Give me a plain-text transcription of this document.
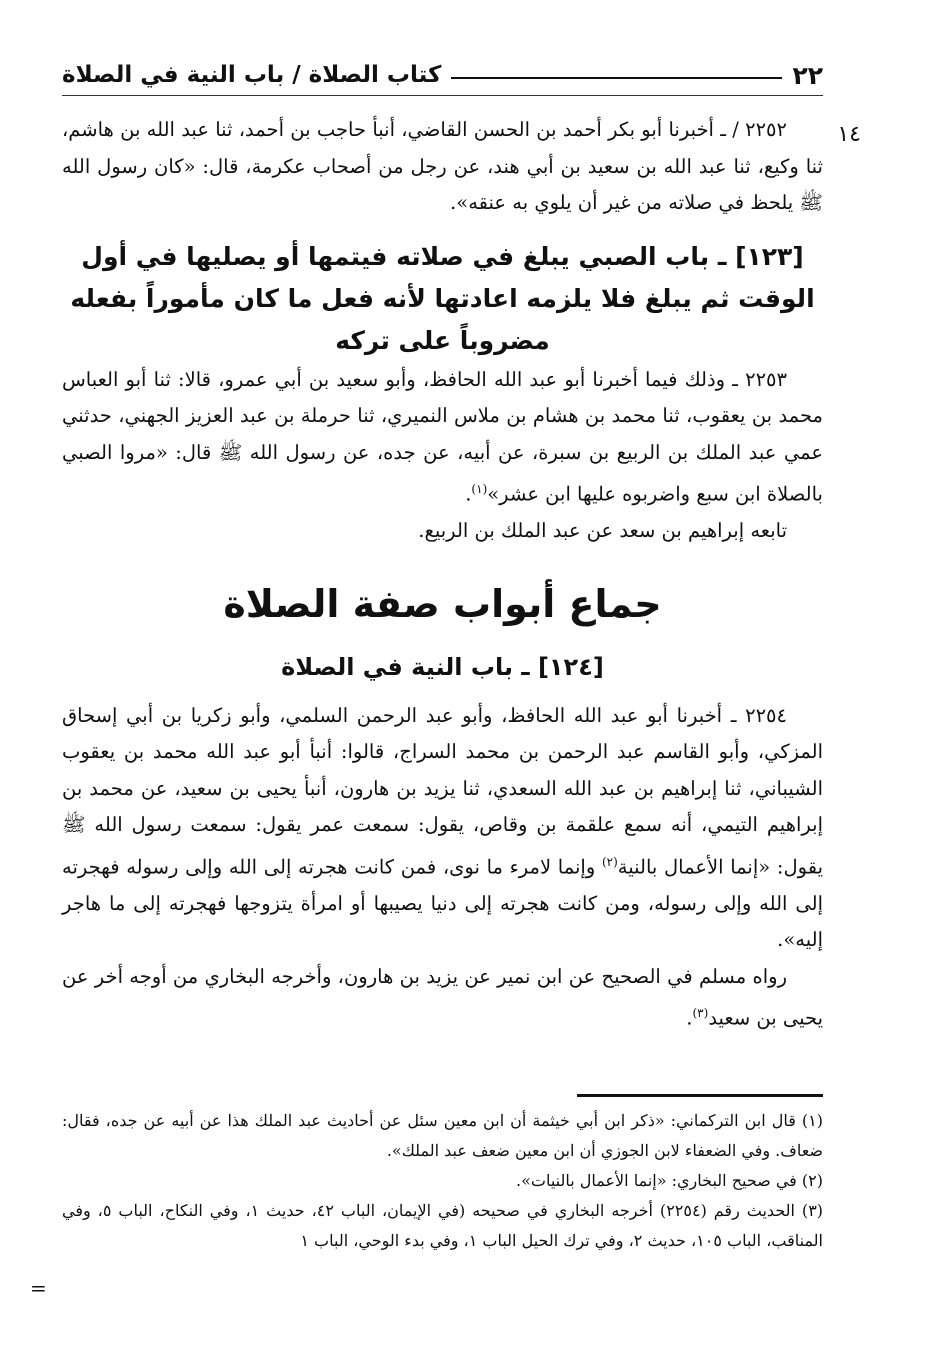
٢٢
كتاب الصلاة / باب النية في الصلاة
١٤

٢٢٥٢ / ـ أخبرنا أبو بكر أحمد بن الحسن القاضي، أنبأ حاجب بن أحمد، ثنا عبد الله بن هاشم، ثنا وكيع، ثنا عبد الله بن سعيد بن أبي هند، عن رجل من أصحاب عكرمة، قال: «كان رسول الله ﷺ يلحظ في صلاته من غير أن يلوي به عنقه».

[١٢٣] ـ باب الصبي يبلغ في صلاته فيتمها أو يصليها في أول الوقت ثم يبلغ فلا يلزمه اعادتها لأنه فعل ما كان مأموراً بفعله مضروباً على تركه

٢٢٥٣ ـ وذلك فيما أخبرنا أبو عبد الله الحافظ، وأبو سعيد بن أبي عمرو، قالا: ثنا أبو العباس محمد بن يعقوب، ثنا محمد بن هشام بن ملاس النميري، ثنا حرملة بن عبد العزيز الجهني، حدثني عمي عبد الملك بن الربيع بن سبرة، عن أبيه، عن جده، عن رسول الله ﷺ قال: «مروا الصبي بالصلاة ابن سبع واضربوه عليها ابن عشر»$^{(١)}$.

تابعه إبراهيم بن سعد عن عبد الملك بن الربيع.

جماع أبواب صفة الصلاة
[١٢٤] ـ باب النية في الصلاة

٢٢٥٤ ـ أخبرنا أبو عبد الله الحافظ، وأبو عبد الرحمن السلمي، وأبو زكريا بن أبي إسحاق المزكي، وأبو القاسم عبد الرحمن بن محمد السراج، قالوا: أنبأ أبو عبد الله محمد بن يعقوب الشيباني، ثنا إبراهيم بن عبد الله السعدي، ثنا يزيد بن هارون، أنبأ يحيى بن سعيد، عن محمد بن إبراهيم التيمي، أنه سمع علقمة بن وقاص، يقول: سمعت عمر يقول: سمعت رسول الله ﷺ يقول: «إنما الأعمال بالنية$^{(٢)}$ وإنما لامرء ما نوى، فمن كانت هجرته إلى الله وإلى رسوله فهجرته إلى الله وإلى رسوله، ومن كانت هجرته إلى دنيا يصيبها أو امرأة يتزوجها فهجرته إلى ما هاجر إليه».

رواه مسلم في الصحيح عن ابن نمير عن يزيد بن هارون، وأخرجه البخاري من أوجه أخر عن يحيى بن سعيد$^{(٣)}$.

(١) قال ابن التركماني: «ذكر ابن أبي خيثمة أن ابن معين سئل عن أحاديث عبد الملك هذا عن أبيه عن جده، فقال: ضعاف. وفي الضعفاء لابن الجوزي أن ابن معين ضعف عبد الملك».

(٢) في صحيح البخاري: «إنما الأعمال بالنيات».

(٣) الحديث رقم (٢٢٥٤) أخرجه البخاري في صحيحه (في الإيمان، الباب ٤٢، حديث ١، وفي النكاح، الباب ٥، وفي المناقب، الباب ١٠٥، حديث ٢، وفي ترك الحيل الباب ١، وفي بدء الوحي، الباب ١

=
